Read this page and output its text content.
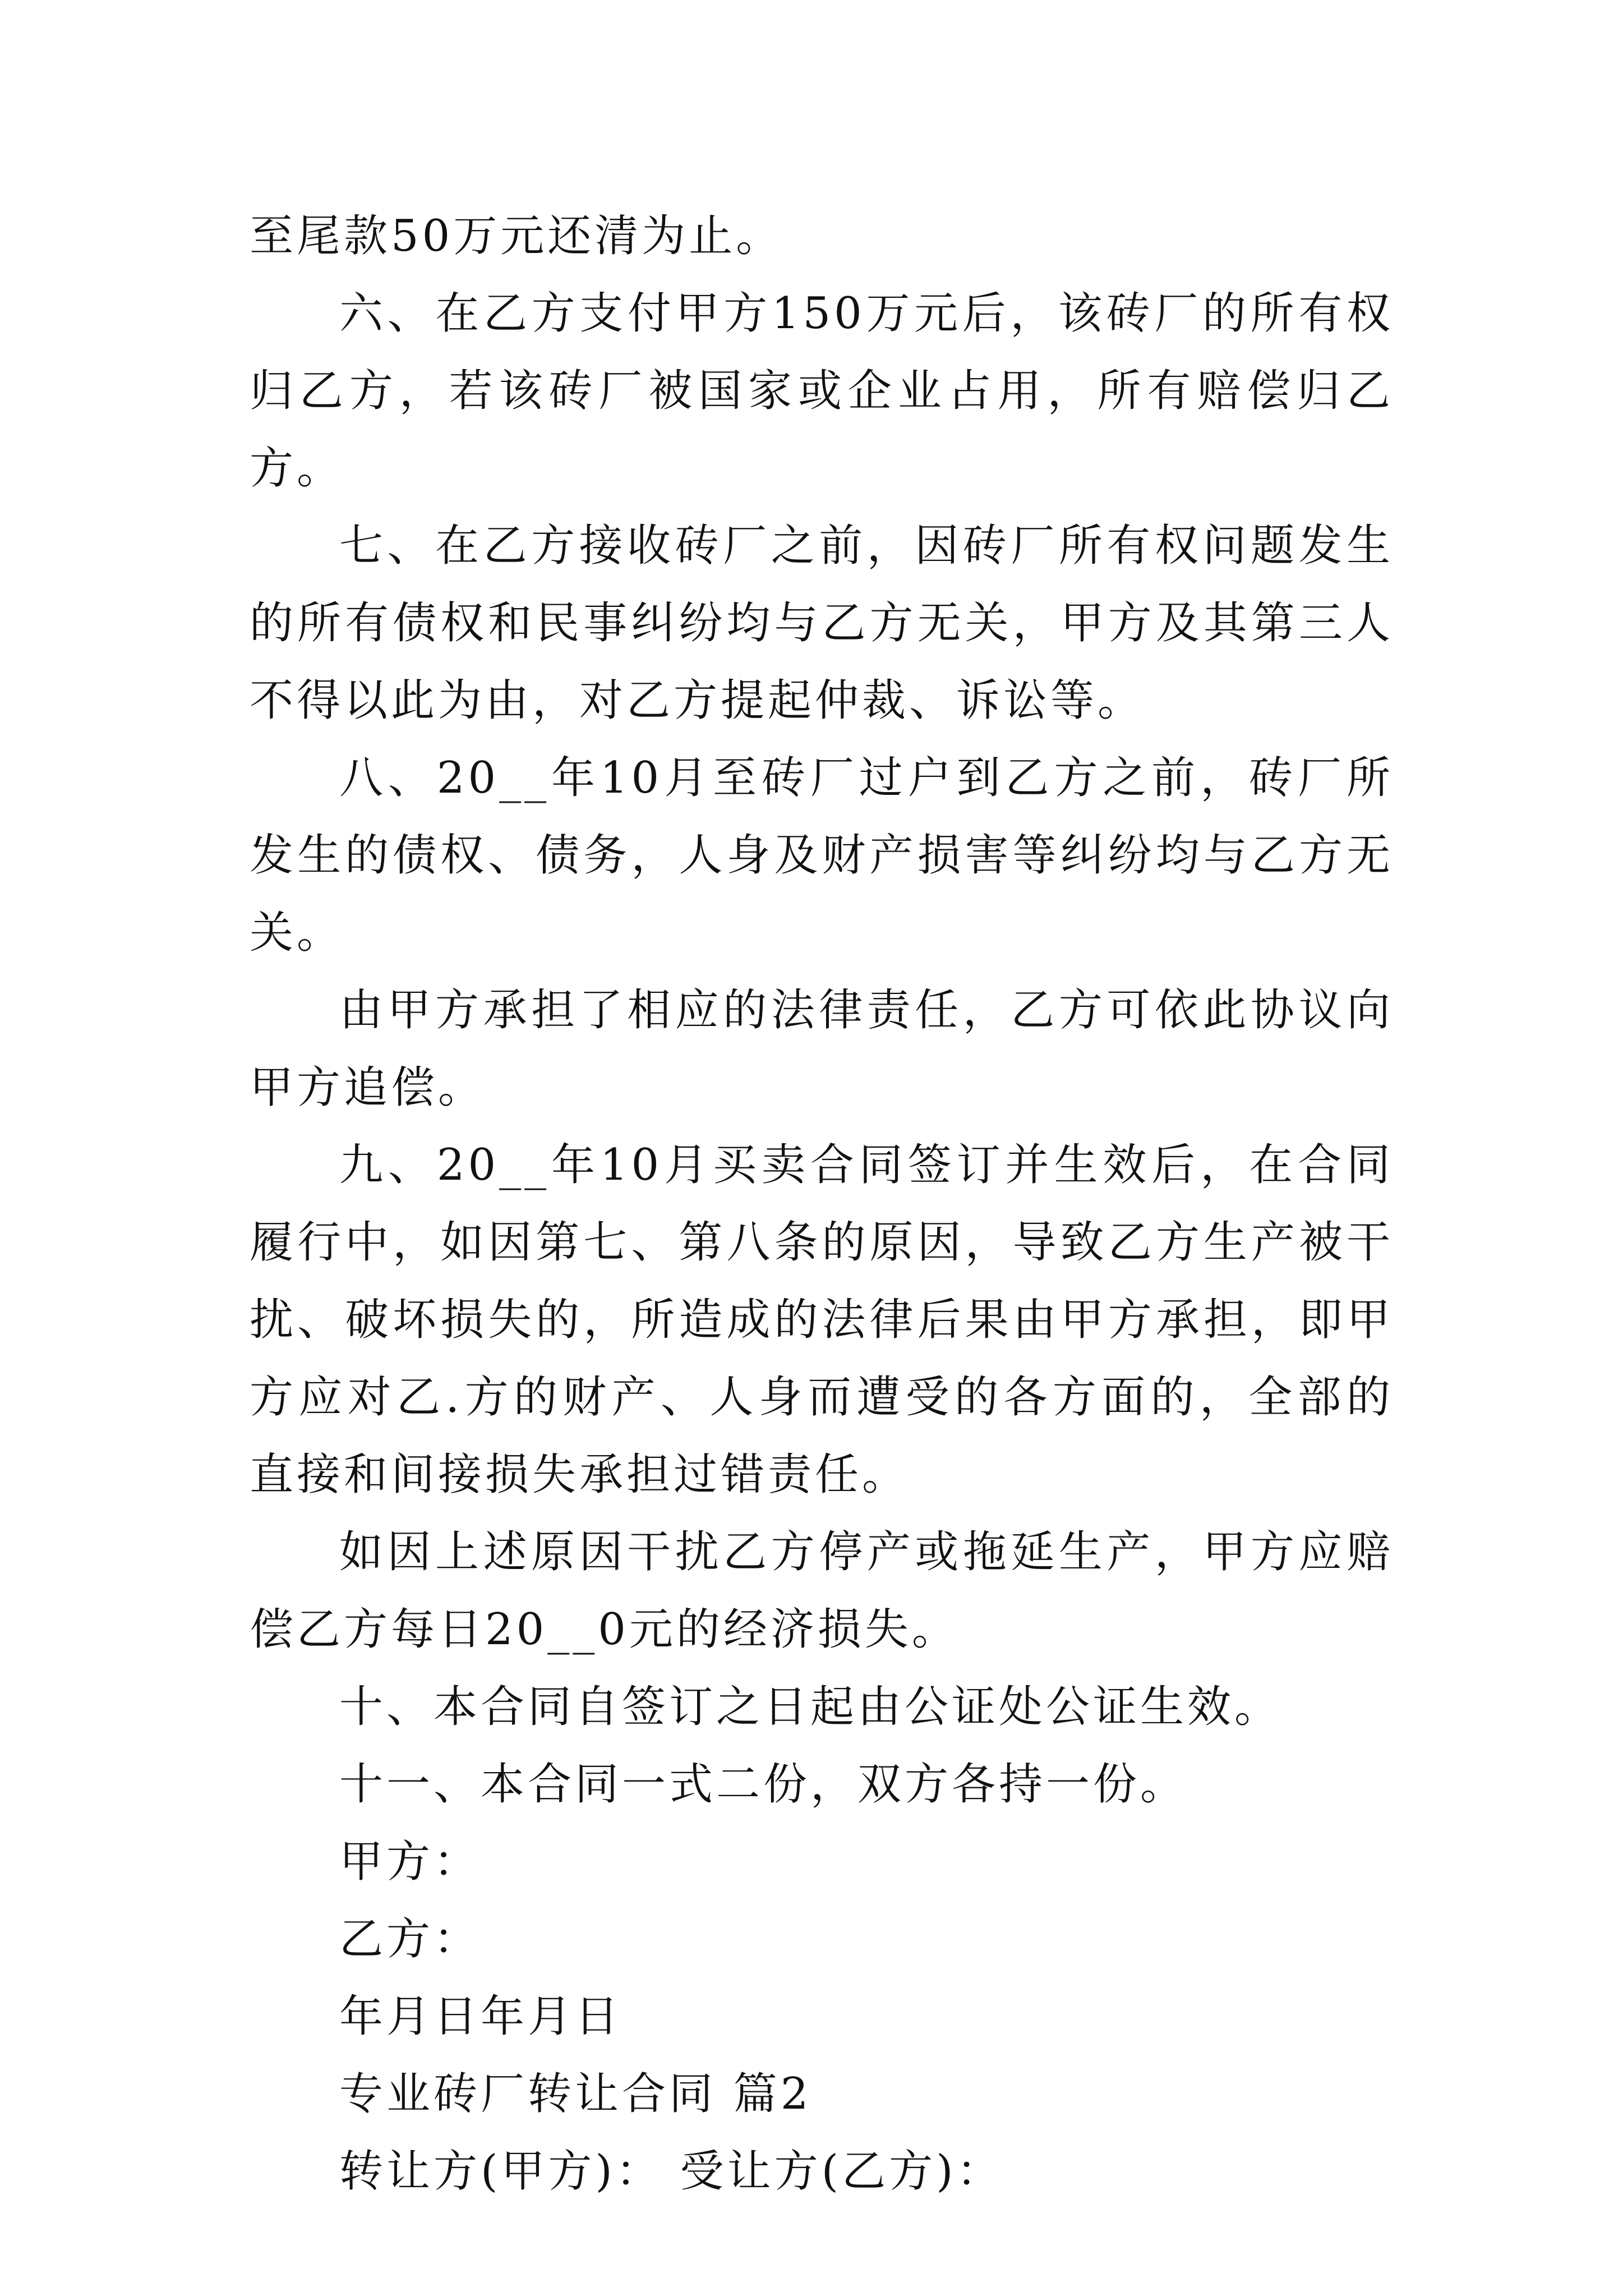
至尾款50万元还清为止。

六、在乙方支付甲方150万元后，该砖厂的所有权归乙方，若该砖厂被国家或企业占用，所有赔偿归乙方。

七、在乙方接收砖厂之前，因砖厂所有权问题发生的所有债权和民事纠纷均与乙方无关，甲方及其第三人不得以此为由，对乙方提起仲裁、诉讼等。

八、20__年10月至砖厂过户到乙方之前，砖厂所发生的债权、债务，人身及财产损害等纠纷均与乙方无关。

由甲方承担了相应的法律责任，乙方可依此协议向甲方追偿。

九、20__年10月买卖合同签订并生效后，在合同履行中，如因第七、第八条的原因，导致乙方生产被干扰、破坏损失的，所造成的法律后果由甲方承担，即甲方应对乙.方的财产、人身而遭受的各方面的，全部的直接和间接损失承担过错责任。

如因上述原因干扰乙方停产或拖延生产，甲方应赔偿乙方每日20__0元的经济损失。

十、本合同自签订之日起由公证处公证生效。

十一、本合同一式二份，双方各持一份。

甲方：

乙方：

年月日年月日

专业砖厂转让合同 篇2

转让方(甲方)： 受让方(乙方)：
